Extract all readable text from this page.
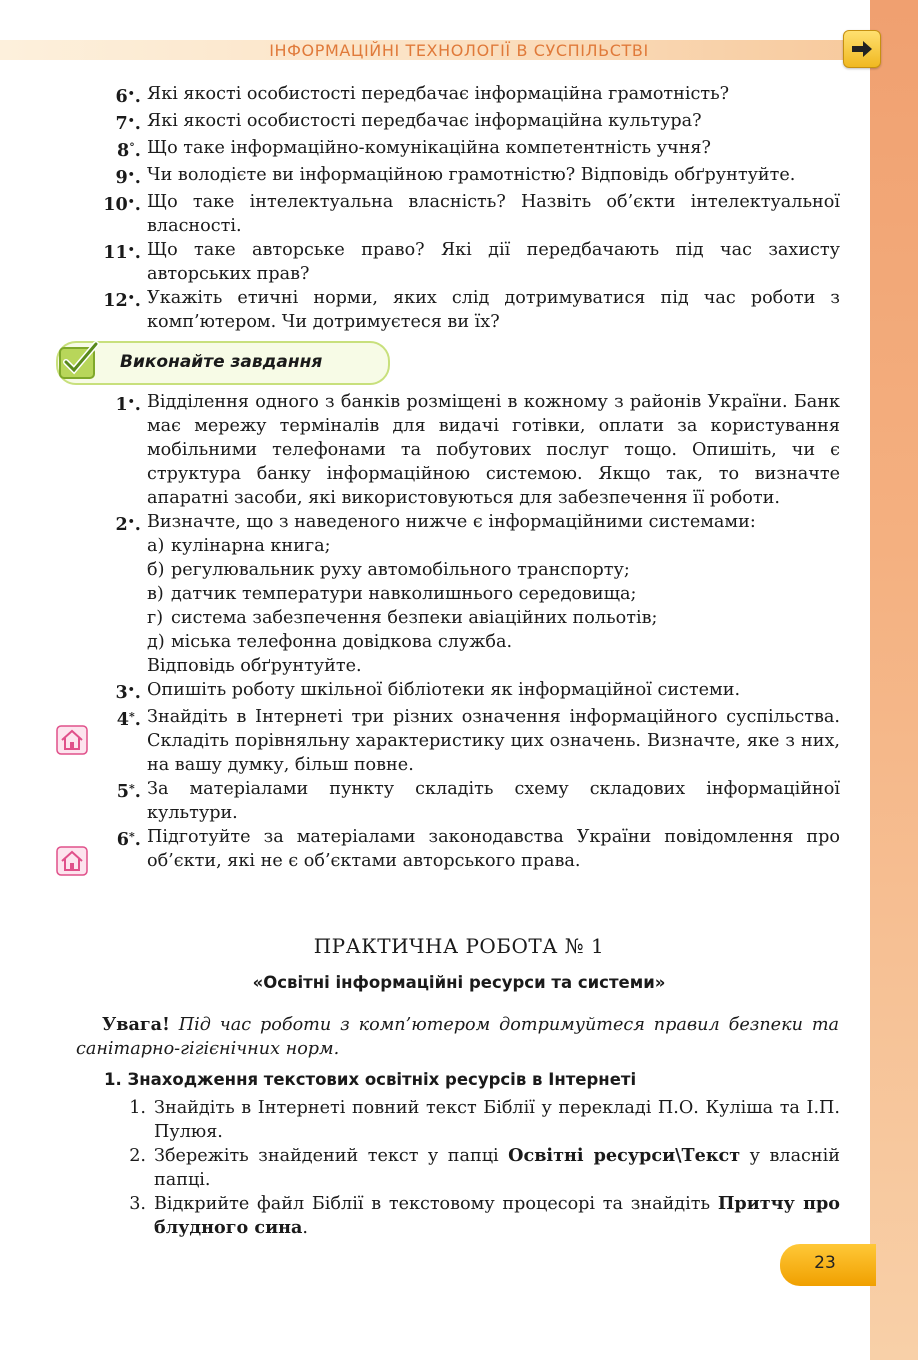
ІНФОРМАЦІЙНІ ТЕХНОЛОГІЇ В СУСПІЛЬСТВІ
6•. Які якості особистості передбачає інформаційна грамотність?
7•. Які якості особистості передбачає інформаційна культура?
8°. Що таке інформаційно-комунікаційна компетентність учня?
9•. Чи володієте ви інформаційною грамотністю? Відповідь обґрунтуйте.
10•. Що таке інтелектуальна власність? Назвіть об’єкти інтелектуальної власності.
11•. Що таке авторське право? Які дії передбачають під час захисту авторських прав?
12•. Укажіть етичні норми, яких слід дотримуватися під час роботи з комп’ютером. Чи дотримуєтеся ви їх?
Виконайте завдання
1•. Відділення одного з банків розміщені в кожному з районів України. Банк має мережу терміналів для видачі готівки, оплати за користування мобільними телефонами та побутових послуг тощо. Опишіть, чи є структура банку інформаційною системою. Якщо так, то визначте апаратні засоби, які використовуються для забезпечення її роботи.
2•. Визначте, що з наведеного нижче є інформаційними системами:
а) кулінарна книга;
б) регулювальник руху автомобільного транспорту;
в) датчик температури навколишнього середовища;
г) система забезпечення безпеки авіаційних польотів;
д) міська телефонна довідкова служба.
Відповідь обґрунтуйте.
3•. Опишіть роботу шкільної бібліотеки як інформаційної системи.
4*. Знайдіть в Інтернеті три різних означення інформаційного суспільства. Складіть порівняльну характеристику цих означень. Визначте, яке з них, на вашу думку, більш повне.
5*. За матеріалами пункту складіть схему складових інформаційної культури.
6*. Підготуйте за матеріалами законодавства України повідомлення про об’єкти, які не є об’єктами авторського права.
ПРАКТИЧНА РОБОТА № 1
«Освітні інформаційні ресурси та системи»
Увага! Під час роботи з комп’ютером дотримуйтеся правил безпеки та санітарно-гігієнічних норм.
1. Знаходження текстових освітніх ресурсів в Інтернеті
1. Знайдіть в Інтернеті повний текст Біблії у перекладі П.О. Куліша та І.П. Пулюя.
2. Збережіть знайдений текст у папці Освітні ресурси\Текст у власній папці.
3. Відкрийте файл Біблії в текстовому процесорі та знайдіть Притчу про блудного сина.
23
